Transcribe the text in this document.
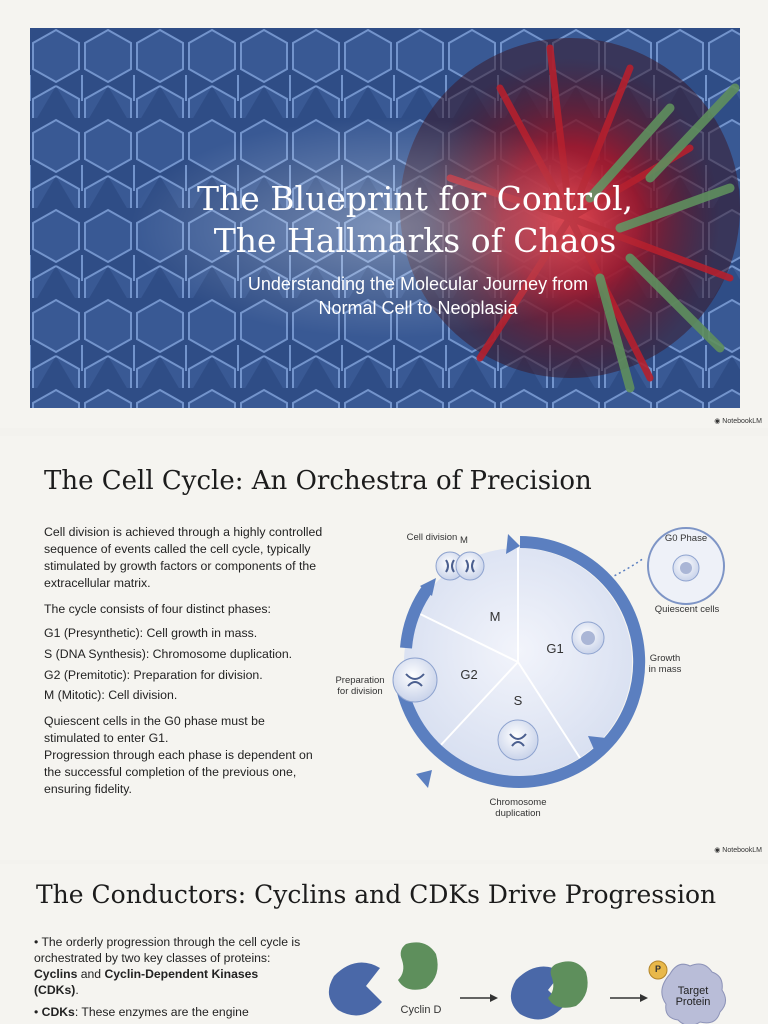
The Blueprint for Control,
The Hallmarks of Chaos
Understanding the Molecular Journey from
Normal Cell to Neoplasia
◉ NotebookLM
The Cell Cycle: An Orchestra of Precision

Cell division is achieved through a highly controlled sequence of events called the cell cycle, typically stimulated by growth factors or components of the extracellular matrix.

The cycle consists of four distinct phases:

G1 (Presynthetic): Cell growth in mass.

S (DNA Synthesis): Chromosome duplication.

G2 (Premitotic): Preparation for division.

M (Mitotic): Cell division.

Quiescent cells in the G0 phase must be stimulated to enter G1.

Progression through each phase is dependent on the successful completion of the previous one, ensuring fidelity.

M
G1
G2
S
M
Cell division	G0 Phase
Quiescent cells
Growth
in mass
Preparation
for division
Chromosome
duplication
◉ NotebookLM
The Conductors: Cyclins and CDKs Drive Progression
• The orderly progression through the cell cycle is orchestrated by two key classes of proteins: Cyclins and Cyclin-Dependent Kinases (CDKs).
• CDKs: These enzymes are the engine	Cyclin D
P
Target
Protein
